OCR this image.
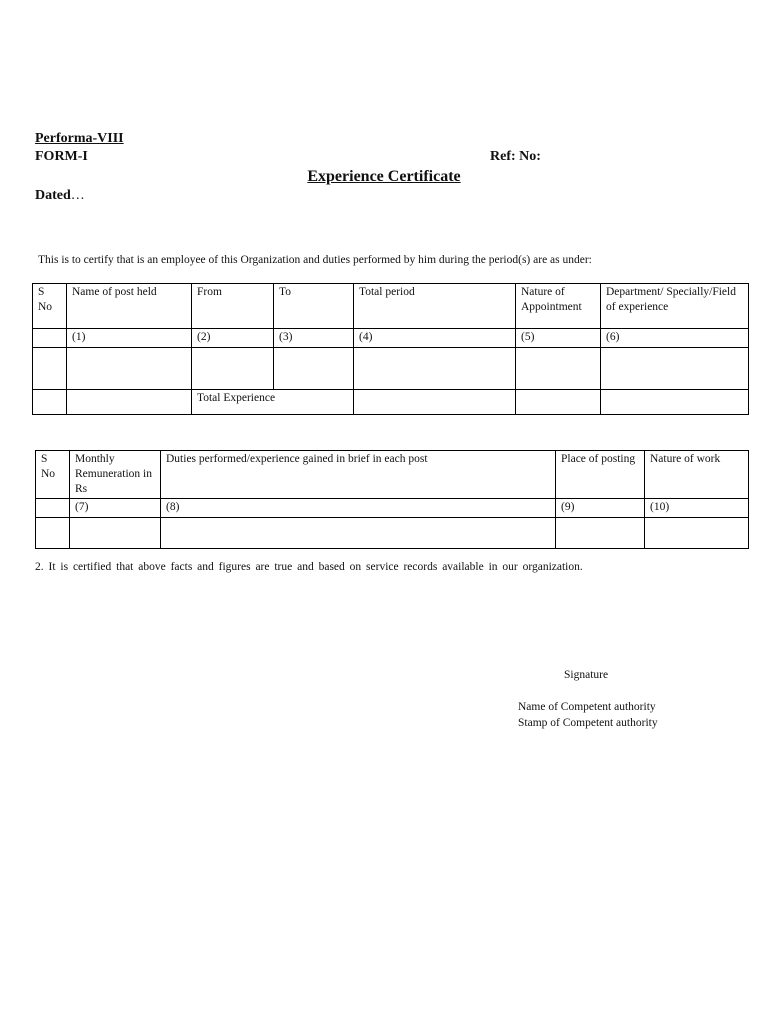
Performa-VIII
FORM-I	Ref: No:
Experience Certificate
Dated…
This is to certify that is an employee of this Organization and duties performed by him during the period(s) are as under:
S No	Name of post held	From	To	Total period	Nature of Appointment	Department/ Specially/Field of experience
	(1)	(2)	(3)	(4)	(5)	(6)

		Total Experience				
S No	Monthly Remuneration in Rs	Duties performed/experience gained in brief in each post	Place of posting	Nature of work
	(7)	(8)	(9)	(10)

2. It is certified that above facts and figures are true and based on service records available in our organization.
Signature
Name of Competent authority
Stamp of Competent authority
